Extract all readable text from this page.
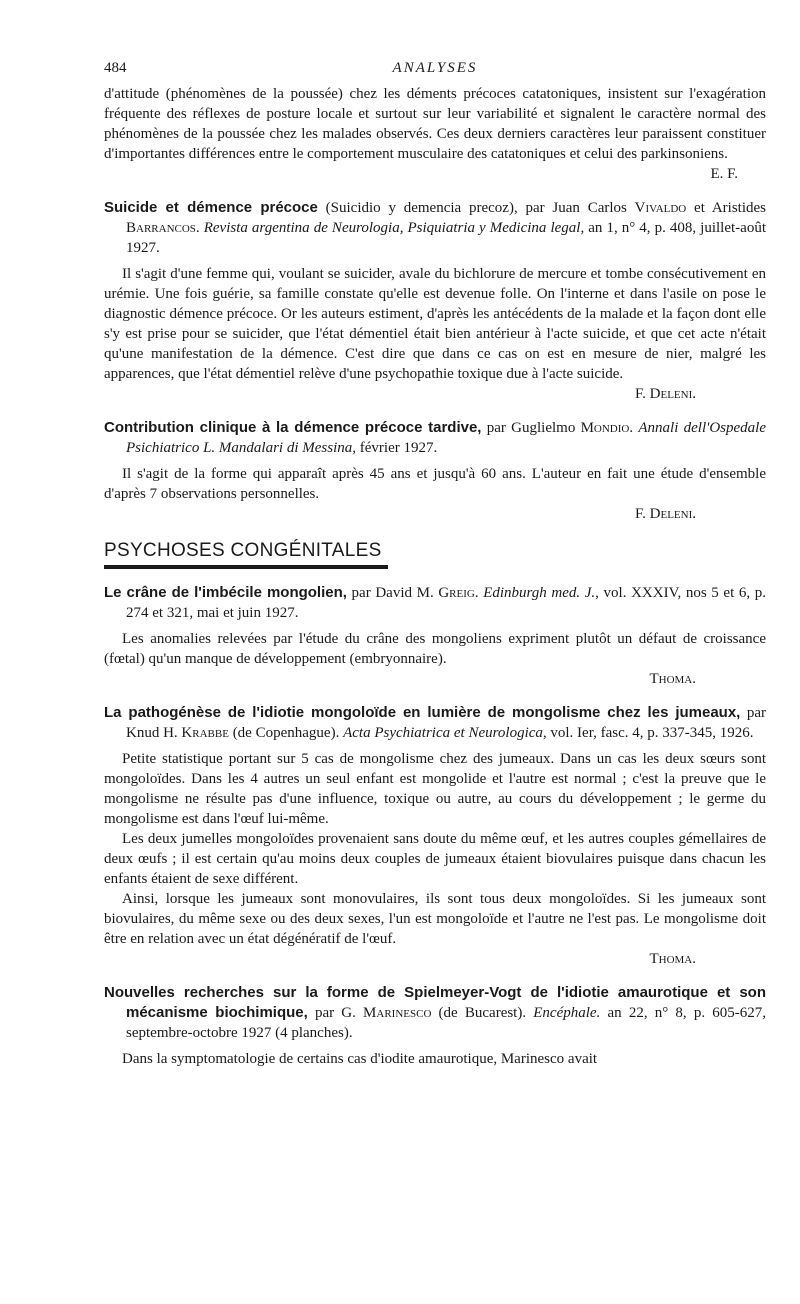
484	ANALYSES

d'attitude (phénomènes de la poussée) chez les déments précoces catatoniques, insistent sur l'exagération fréquente des réflexes de posture locale et surtout sur leur variabilité et signalent le caractère normal des phénomènes de la poussée chez les malades observés. Ces deux derniers caractères leur paraissent constituer d'importantes différences entre le comportement musculaire des catatoniques et celui des parkinsoniens.

E. F.

Suicide et démence précoce (Suicidio y demencia precoz), par Juan Carlos Vivaldo et Aristides Barrancos. Revista argentina de Neurologia, Psiquiatria y Medicina legal, an 1, n° 4, p. 408, juillet-août 1927.

Il s'agit d'une femme qui, voulant se suicider, avale du bichlorure de mercure et tombe consécutivement en urémie. Une fois guérie, sa famille constate qu'elle est devenue folle. On l'interne et dans l'asile on pose le diagnostic démence précoce. Or les auteurs estiment, d'après les antécédents de la malade et la façon dont elle s'y est prise pour se suicider, que l'état démentiel était bien antérieur à l'acte suicide, et que cet acte n'était qu'une manifestation de la démence. C'est dire que dans ce cas on est en mesure de nier, malgré les apparences, que l'état démentiel relève d'une psychopathie toxique due à l'acte suicide.

F. Deleni.

Contribution clinique à la démence précoce tardive, par Guglielmo Mondio. Annali dell'Ospedale Psichiatrico L. Mandalari di Messina, février 1927.

Il s'agit de la forme qui apparaît après 45 ans et jusqu'à 60 ans. L'auteur en fait une étude d'ensemble d'après 7 observations personnelles.

F. Deleni.

PSYCHOSES CONGÉNITALES

Le crâne de l'imbécile mongolien, par David M. Greig. Edinburgh med. J., vol. XXXIV, nos 5 et 6, p. 274 et 321, mai et juin 1927.

Les anomalies relevées par l'étude du crâne des mongoliens expriment plutôt un défaut de croissance (fœtal) qu'un manque de développement (embryonnaire).

Thoma.

La pathogénèse de l'idiotie mongoloïde en lumière de mongolisme chez les jumeaux, par Knud H. Krabbe (de Copenhague). Acta Psychiatrica et Neurologica, vol. Ier, fasc. 4, p. 337-345, 1926.

Petite statistique portant sur 5 cas de mongolisme chez des jumeaux. Dans un cas les deux sœurs sont mongoloïdes. Dans les 4 autres un seul enfant est mongolide et l'autre est normal ; c'est la preuve que le mongolisme ne résulte pas d'une influence, toxique ou autre, au cours du développement ; le germe du mongolisme est dans l'œuf lui-même.

Les deux jumelles mongoloïdes provenaient sans doute du même œuf, et les autres couples gémellaires de deux œufs ; il est certain qu'au moins deux couples de jumeaux étaient biovulaires puisque dans chacun les enfants étaient de sexe différent.

Ainsi, lorsque les jumeaux sont monovulaires, ils sont tous deux mongoloïdes. Si les jumeaux sont biovulaires, du même sexe ou des deux sexes, l'un est mongoloïde et l'autre ne l'est pas. Le mongolisme doit être en relation avec un état dégénératif de l'œuf.

Thoma.

Nouvelles recherches sur la forme de Spielmeyer-Vogt de l'idiotie amaurotique et son mécanisme biochimique, par G. Marinesco (de Bucarest). Encéphale. an 22, n° 8, p. 605-627, septembre-octobre 1927 (4 planches).

Dans la symptomatologie de certains cas d'iodite amaurotique, Marinesco avait
